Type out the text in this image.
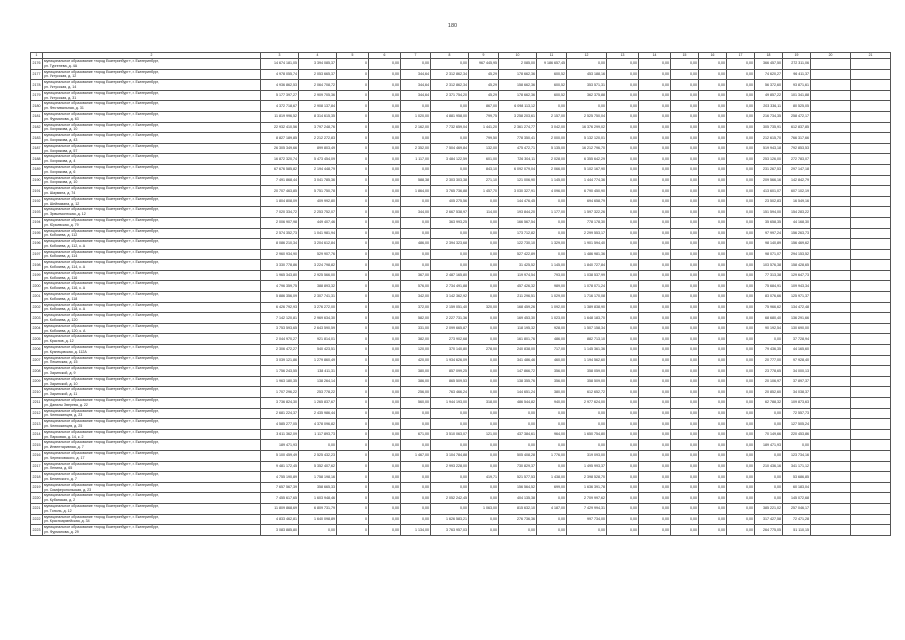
180
1	2	3	4	5	6	7	8	9	10	11	12	13	14	15	16	17	18	19	20	21
2176	муниципальное образование «город Екатеринбург», г. Екатеринбург,
ул. Тургенева, д. 4А	14 674 181,05	3 394 085,37	0	0,00	0,00	0,00	967 445,95	2 085,00	9 186 657,45	0,00	0,00	0,00	0,00	0,00	0,00	366 457,50	272 311,06		
2177	муниципальное образование «город Екатеринбург», г. Екатеринбург,
ул. Уктусская, д. 12	4 978 055,74	2 053 665,37	0	0,00	344,64	2 312 862,34	45,29	178 662,36	600,52	453 188,16	0,00	0,00	0,00	0,00	0,00	74 620,27	96 411,37		
2178	муниципальное образование «город Екатеринбург», г. Екатеринбург,
ул. Уктусская, д. 14	4 936 862,53	2 064 708,72	0	0,00	344,64	2 312 862,34	45,29	158 662,36	600,52	353 571,31	0,00	0,00	0,00	0,00	0,00	56 372,60	93 871,61		
2179	муниципальное образование «город Екатеринбург», г. Екатеринбург,
ул. Уктусская, д. 31	5 177 397,27	2 909 705,36	0	0,00	344,64	2 371 754,20	45,29	178 662,36	600,52	362 375,88	0,00	0,00	0,00	0,00	0,00	49 857,22	101 341,88		
2180	муниципальное образование «город Екатеринбург», г. Екатеринбург,
ул. Фестивальная, д. 31	4 372 718,67	2 908 137,84	0	0,00	0,00	0,00	867,00	6 098 113,12	0,00	0,00	0,00	0,00	0,00	0,00	0,00	203 336,11	80 525,05		
2181	муниципальное образование «город Екатеринбург», г. Екатеринбург,
ул. Фурманова, д. 63	11 819 996,52	8 314 615,35	0	0,00	1 020,00	4 881 958,00	799,75	3 258 203,61	2 157,00	2 525 750,04	0,00	0,00	0,00	0,00	0,00	216 734,35	258 472,17		
2182	муниципальное образование «город Екатеринбург», г. Екатеринбург,
ул. Хохрякова, д. 10	22 932 410,56	3 797 248,76	0	0,00	2 162,00	7 732 659,04	1 441,20	2 361 274,77	3 042,00	16 376 299,02	0,00	0,00	0,00	0,00	0,00	305 735,91	612 837,85		
2183	муниципальное образование «город Екатеринбург», г. Екатеринбург,
ул. Хохрякова, д. 43	8 827 189,85	2 212 272,83	0	0,00	0,00	0,00	799,50	778 350,41	2 000,00	5 132 120,01	0,00	0,00	0,00	0,00	0,00	212 615,70	766 317,66		
2187	муниципальное образование «город Екатеринбург», г. Екатеринбург,
ул. Хохрякова, д. 57	26 305 349,66	899 803,49	0	0,00	2 352,00	7 504 469,84	132,00	475 472,71	5 135,00	16 212 796,70	0,00	0,00	0,00	0,00	0,00	519 943,18	792 853,53		
2188	муниципальное образование «город Екатеринбург», г. Екатеринбург,
ул. Хохрякова, д. 4	16 872 320,74	5 473 454,09	0	0,00	1 117,00	3 484 122,59	601,00	726 304,11	2 028,00	6 355 642,29	0,00	0,00	0,00	0,00	0,00	253 126,00	272 783,07		
2189	муниципальное образование «город Екатеринбург», г. Екатеринбург,
ул. Хохрякова, д. 6	67 676 585,82	2 194 448,79	0	0,00	0,00	0,00	843,10	6 092 079,04	2 066,00	5 102 167,90	0,00	0,00	0,00	0,00	0,00	231 267,53	297 147,18		
2190	муниципальное образование «город Екатеринбург», г. Екатеринбург,
ул. Хохрякова, д. 10	7 491 868,44	3 041 785,36	0	0,00	588,38	2 303 303,38	271,10	121 006,90	1 145,00	1 444 774,36	0,00	0,00	0,00	0,00	0,00	209 566,16	142 842,79		
2191	муниципальное образование «город Екатеринбург», г. Екатеринбург,
ул. Шаумяна, д. 74	20 707 463,85	5 751 750,78	0	0,00	1 864,00	3 765 736,88	1 457,70	3 030 327,91	4 096,00	6 790 450,90	0,00	0,00	0,00	0,00	0,00	413 601,07	607 102,19		
2192	муниципальное образование «город Екатеринбург», г. Екатеринбург,
ул. Шейнкмана, д. 12	1 804 808,09	409 992,80	0	0,00	0,00	405 275,56	0,00	144 476,45	0,00	694 658,79	0,00	0,00	0,00	0,00	0,00	23 502,83	16 549,16		
2193	муниципальное образование «город Екатеринбург», г. Екатеринбург,
ул. Эрвьемонтская, д. 12	7 020 334,72	2 253 752,07	0	0,00	344,00	2 667 538,97	114,00	193 844,20	1 177,00	1 597 322,26	0,00	0,00	0,00	0,00	0,00	151 594,00	154 283,22		
2194	муниципальное образование «город Екатеринбург», г. Екатеринбург,
ул. Юрьевская, д. 79	2 006 907,98	449 407,46	0	0,00	0,00	363 993,25	0,00	166 567,54	0,00	778 178,30	0,00	0,00	0,00	0,00	0,00	35 658,35	44 168,30		
2195	муниципальное образование «город Екатеринбург», г. Екатеринбург,
ул. Кобозева, д. 112	2 574 352,73	1 041 981,94	0	0,00	0,00	0,00	0,00	173 712,82	0,00	2 299 553,17	0,00	0,00	0,00	0,00	0,00	97 997,24	156 263,73		
2196	муниципальное образование «город Екатеринбург», г. Екатеринбург,
ул. Кобозева, д. 112, к. А	8 086 210,34	3 204 612,84	0	0,00	486,00	2 394 323,68	0,00	122 730,10	1 329,00	1 901 594,40	0,00	0,00	0,00	0,00	0,00	98 140,89	156 469,62		
2197	муниципальное образование «город Екатеринбург», г. Екатеринбург,
ул. Кобозева, д. 114	2 960 934,90	529 907,76	0	0,00	0,00	0,00	0,00	527 422,89	0,00	1 486 981,36	0,00	0,00	0,00	0,00	0,00	98 071,07	294 153,52		
2198	муниципальное образование «город Екатеринбург», г. Екатеринбург,
ул. Кобозева, д. 114, к. А	3 330 778,86	3 224 798,82	0	0,00	0,00	0,00	0,00	31 425,52	1 145,00	1 840 727,84	0,00	0,00	0,00	0,00	0,00	103 576,38	158 428,65		
2199	муниципальное образование «город Екатеринбург», г. Екатеринбург,
ул. Кобозева, д. 116	1 965 343,80	2 925 566,00	0	0,00	367,00	2 487 165,80	0,00	119 974,54	793,00	1 038 537,99	0,00	0,00	0,00	0,00	0,00	77 313,38	129 647,73		
2200	муниципальное образование «город Екатеринбург», г. Екатеринбург,
ул. Кобозева, д. 116, к. А	4 796 359,75	388 893,32	0	0,00	576,00	2 734 491,88	0,00	457 426,32	989,00	1 078 071,24	0,00	0,00	0,00	0,00	0,00	75 684,91	109 943,34		
2201	муниципальное образование «город Екатеринбург», г. Екатеринбург,
ул. Кобозева, д. 118	5 886 356,09	2 307 741,31	0	0,00	342,00	3 142 362,92	0,00	211 296,51	1 029,00	1 716 170,08	0,00	0,00	0,00	0,00	0,00	83 076,66	125 971,37		
2202	муниципальное образование «город Екатеринбург», г. Екатеринбург,
ул. Кобозева, д. 118, к. А	6 426 792,93	3 276 272,00	0	0,00	372,00	2 159 051,40	320,00	168 459,26	1 092,00	1 389 838,90	0,00	0,00	0,00	0,00	0,00	75 966,62	134 472,48		
2203	муниципальное образование «город Екатеринбург», г. Екатеринбург,
ул. Кобозева, д. 120	7 142 120,81	2 969 634,30	0	0,00	582,00	2 227 731,36	0,00	169 453,30	1 023,00	1 648 183,70	0,00	0,00	0,00	0,00	0,00	68 680,40	136 291,66		
2204	муниципальное образование «город Екатеринбург», г. Екатеринбург,
ул. Кобозева, д. 120, к. А	3 753 593,65	2 643 590,59	0	0,00	331,00	2 099 665,87	0,00	118 195,32	928,00	1 507 158,34	0,00	0,00	0,00	0,00	0,00	90 192,54	130 690,00		
2205	муниципальное образование «город Екатеринбург», г. Екатеринбург,
ул. Краснов, д. 12	2 044 970,27	921 814,01	0	0,00	382,00	273 902,68	0,00	161 801,76	486,00	882 713,10	0,00	0,00	0,00	0,00	0,00	0,00	37 728,94		
2206	муниципальное образование «город Екатеринбург», г. Екатеринбург,
ул. Кузнецовская, д. 112А	2 306 472,27	540 423,51	0	0,00	120,00	370 140,80	278,00	240 838,00	717,00	1 145 361,36	0,00	0,00	0,00	0,00	0,00	79 436,35	44 165,60		
2207	муниципальное образование «город Екатеринбург», г. Екатеринбург,
ул. Пекинская, д. 15	3 039 121,86	1 279 860,49	0	0,00	420,00	1 934 626,09	0,00	341 486,46	460,00	1 194 562,60	0,00	0,00	0,00	0,00	0,00	20 777,00	97 928,40		
2208	муниципальное образование «город Екатеринбург», г. Екатеринбург,
ул. Заринской, д. 9	1 756 243,55	138 411,31	0	0,00	380,00	857 099,25	0,00	147 866,72	356,00	358 059,00	0,00	0,00	0,00	0,00	0,00	23 778,65	34 000,13		
2209	муниципальное образование «город Екатеринбург», г. Екатеринбург,
ул. Заринской, д. 10	1 963 180,35	138 264,14	0	0,00	386,00	865 509,53	0,00	138 355,76	356,00	358 509,00	0,00	0,00	0,00	0,00	0,00	20 106,97	37 897,37		
2210	муниципальное образование «город Екатеринбург», г. Екатеринбург,
ул. Заринской, д. 11	1 707 296,22	253 778,22	0	0,00	256,00	763 466,24	0,00	144 651,24	380,00	612 652,72	0,00	0,00	0,00	0,00	0,00	20 852,60	34 038,37		
2211	муниципальное образование «город Екатеринбург», г. Екатеринбург,
ул. Данилы Зверева, д. 22	3 736 824,30	1 265 837,67	0	0,00	560,00	1 944 193,00	318,00	486 544,82	940,00	2 977 624,00	0,00	0,00	0,00	0,00	0,00	62 788,32	109 873,63		
2212	муниципальное образование «город Екатеринбург», г. Екатеринбург,
ул. Челюскинцев, д. 23	2 681 224,37	2 435 986,44	0	0,00	0,00	0,00	0,00	0,00	0,00	0,00	0,00	0,00	0,00	0,00	0,00	0,00	72 557,73		
2213	муниципальное образование «город Екатеринбург», г. Екатеринбург,
ул. Челюскинцев, д. 25	4 585 277,05	4 378 096,82	0	0,00	0,00	0,00	0,00	0,00	0,00	0,00	0,00	0,00	0,00	0,00	0,00	0,00	127 505,24		
2214	муниципальное образование «город Екатеринбург», г. Екатеринбург,
ул. Парковая, д. 14, к. 2	3 611 362,09	1 117 893,73	0	0,00	671,00	3 510 063,07	121,00	437 384,61	964,00	1 650 754,80	0,00	0,00	0,00	0,00	0,00	70 149,66	220 453,86		
2215	муниципальное образование «город Екатеринбург», г. Екатеринбург,
ул. Инвентаривная, д. 7	189 471,93	0,00	0	0,00	0,00	0,00	0,00	0,00	0,00	0,00	0,00	0,00	0,00	0,00	0,00	189 471,93	0,00		
2216	муниципальное образование «город Екатеринбург», г. Екатеринбург,
ул. Черняховского, д. 17	5 100 459,49	2 525 432,23	0	0,00	1 467,00	3 104 784,88	0,00	505 408,28	1 776,00	319 093,00	0,00	0,00	0,00	0,00	0,00	0,00	123 734,16		
2217	муниципальное образование «город Екатеринбург», г. Екатеринбург,
ул. Ленина, д. 65	9 481 172,45	5 352 407,62	0	0,00	0,00	2 993 228,00	0,00	730 829,37	0,00	1 495 993,37	0,00	0,00	0,00	0,00	0,00	210 436,16	341 171,12		
2218	муниципальное образование «город Екатеринбург», г. Екатеринбург,
ул. Белинского, д. 7	4 755 190,89	1 758 198,16	0	0,00	0,00	0,00	419,71	521 577,53	1 438,00	2 398 528,70	0,00	0,00	0,00	0,00	0,00	0,00	53 686,85		
2219	муниципальное образование «город Екатеринбург», г. Екатеринбург,
ул. Симферопольская, д. 23	7 657 567,39	358 665,33	0	0,00	0,00	0,00	0,00	156 564,52	699,00	1 636 391,78	0,00	0,00	0,00	0,00	0,00	0,00	60 183,04		
2220	муниципальное образование «город Екатеринбург», г. Екатеринбург,
ул. Кубанская, д. 2	7 455 617,65	1 603 948,46	0	0,00	0,00	2 052 242,45	0,00	404 135,38	0,00	2 709 997,62	0,00	0,00	0,00	0,00	0,00	0,00	145 072,68		
2221	муниципальное образование «город Екатеринбург», г. Екатеринбург,
ул. Тополь, д. 12	11 809 868,69	6 809 731,79	0	0,00	0,00	0,00	1 063,00	815 632,10	4 187,00	7 429 994,31	0,00	0,00	0,00	0,00	0,00	385 221,02	257 046,17		
2222	муниципальное образование «город Екатеринбург», г. Екатеринбург,
ул. Красноармейская, д. 34	4 833 462,81	1 640 098,89	0	0,00	0,00	1 626 583,21	0,00	276 736,36	0,00	997 734,00	0,00	0,00	0,00	0,00	0,00	317 427,58	72 471,28		
2223	муниципальное образование «город Екатеринбург», г. Екатеринбург,
ул. Фурманова, д. 29	3 083 885,80	0,00	0	0,00	1 134,00	3 763 957,03	0,00	0,00	0,00	0,00	0,00	0,00	0,00	0,00	0,00	264 775,05	51 110,15		
